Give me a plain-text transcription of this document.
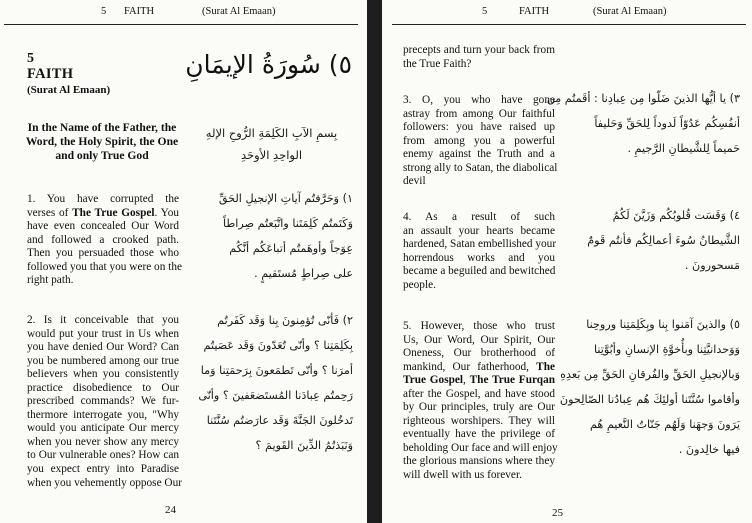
5 FAITH	(Surat Al Emaan)
5
FAITH
(Surat Al Emaan)
٥) سُورَةُ الإيمَانِ
In the Name of the Father, the Word, the Holy Spirit, the One and only True God
بِسمِ الآبِ الكَلِمَةِ الرُّوحِ الإلهِ الواحِدِ الأوحَدِ
1. You have corrupted the
verses of The True Gospel. You
have even concealed Our Word
and followed a crooked path.
Then you persuaded those who
followed you that you were on the
right path.
١) وَحَرَّفتُم آياتِ الإنجيلِ الحَقِّ
وَكَتَمتُم كَلِمَتَنا واتَّبَعتُم صِراطاً
عِوَجاً وأوهَمتُم أتباعَكُم أنَّكُم
على صِراطٍ مُستَقيمٍ .
2. Is it conceivable that you
would put your trust in Us when
you have denied Our Word? Can
you be numbered among our true
believers when you consistently
practice disobedience to Our
prescribed commands? We fur-
thermore interrogate you, "Why
would you anticipate Our mercy
when you never show any mercy
to Our vulnerable ones? How can
you expect entry into Paradise
when you vehemently oppose Our
٢) فَأنّى تُؤمِنونَ بِنا وَقَد كَفَرتُم
بِكَلِمَتِنا ؟ وأنّى تُعَدّونَ وَقَد عَصَيتُم
أمرَنا ؟ وأنّى تَطمَعونَ بِرَحمَتِنا وَما
رَحِمتُم عِبادَنا المُستَضعَفينَ ؟ وأنّى
تَدخُلونَ الجَنَّةَ وَقَد عارَضتُم سُنَّتَنا
وَنَبَذتُمُ الدِّينَ القَويمَ ؟
24
5	FAITH	(Surat Al Emaan)
precepts and turn your back from
the True Faith?
3. O, you who have gone
astray from among Our faithful
followers: you have raised up
from among you a powerful
enemy against the Truth and a
strong ally to Satan, the diabolical
devil
٣) يا أيُّها الذينَ ضَلّوا مِن عِبادِنا : أقَمتُم مِن
أنفُسِكُم عَدُوّاً لَدوداً لِلحَقِّ وَحَليفاً
حَميماً لِلشَّيطانِ الرَّجيمِ .
4. As a result of such
an assault your hearts became
hardened, Satan embellished your
horrendous works and you
became a beguiled and bewitched
people.
٤) وَقَسَت قُلوبُكُم وَزَيَّنَ لَكُمُ
الشَّيطانُ سُوءَ أعمالِكُم فأنتُم قَومٌ
مَسحورونَ .
5. However, those who trust
Us, Our Word, Our Spirit, Our
Oneness, Our brotherhood of
mankind, Our fatherhood, The
True Gospel, The True Furqan
after the Gospel, and have stood
by Our principles, truly are Our
righteous worshipers. They will
eventually have the privilege of
beholding Our face and will enjoy
the glorious mansions where they
will dwell with us forever.
٥) والذينَ آمَنوا بِنا وبِكَلِمَتِنا وروحِنا
وَوَحدانيَّتِنا وبأُخوَّةِ الإنسانِ وأبُوَّتِنا
وَبالإنجيلِ الحَقِّ والفُرقانِ الحَقِّ مِن بَعدِهِ
وأقاموا سُنَّتَنا أولئِكَ هُم عِبادُنا الصّالِحونَ
يَرَونَ وَجهَنا وَلَهُم جَنّاتُ النَّعيمِ هُم
فيها خالِدونَ .
25
